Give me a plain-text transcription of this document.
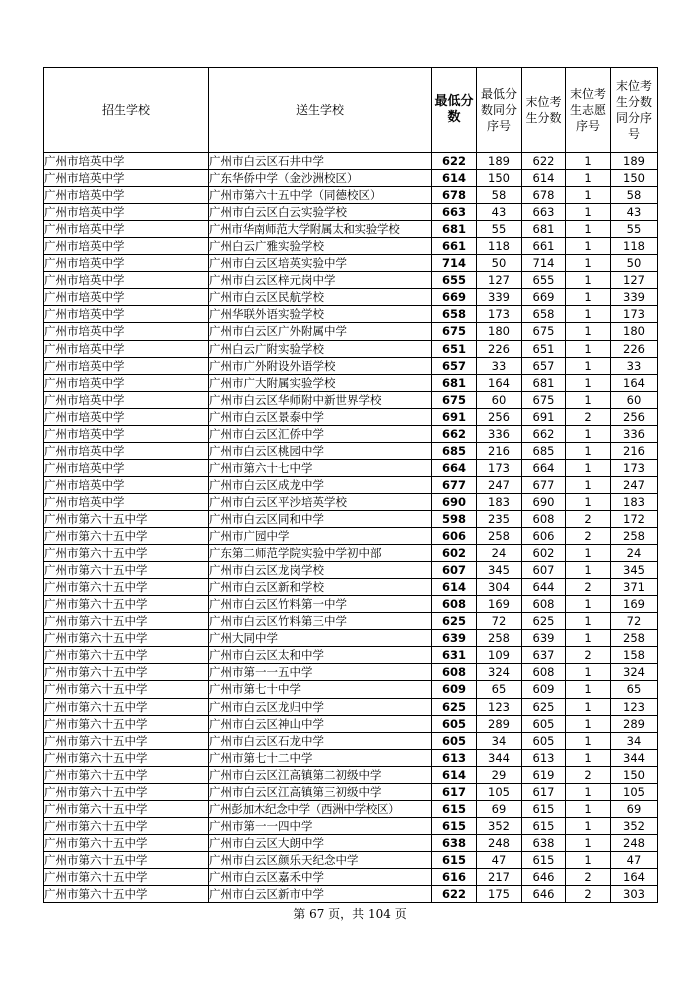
招生学校	送生学校	最低分数	最低分数同分序号	末位考生分数	末位考生志愿序号	末位考生分数同分序号
广州市培英中学	广州市白云区石井中学	622	189	622	1	189
广州市培英中学	广东华侨中学（金沙洲校区）	614	150	614	1	150
广州市培英中学	广州市第六十五中学（同德校区）	678	58	678	1	58
广州市培英中学	广州市白云区白云实验学校	663	43	663	1	43
广州市培英中学	广州市华南师范大学附属太和实验学校	681	55	681	1	55
广州市培英中学	广州白云广雅实验学校	661	118	661	1	118
广州市培英中学	广州市白云区培英实验中学	714	50	714	1	50
广州市培英中学	广州市白云区梓元岗中学	655	127	655	1	127
广州市培英中学	广州市白云区民航学校	669	339	669	1	339
广州市培英中学	广州华联外语实验学校	658	173	658	1	173
广州市培英中学	广州市白云区广外附属中学	675	180	675	1	180
广州市培英中学	广州白云广附实验学校	651	226	651	1	226
广州市培英中学	广州市广外附设外语学校	657	33	657	1	33
广州市培英中学	广州市广大附属实验学校	681	164	681	1	164
广州市培英中学	广州市白云区华师附中新世界学校	675	60	675	1	60
广州市培英中学	广州市白云区景泰中学	691	256	691	2	256
广州市培英中学	广州市白云区汇侨中学	662	336	662	1	336
广州市培英中学	广州市白云区桃园中学	685	216	685	1	216
广州市培英中学	广州市第六十七中学	664	173	664	1	173
广州市培英中学	广州市白云区成龙中学	677	247	677	1	247
广州市培英中学	广州市白云区平沙培英学校	690	183	690	1	183
广州市第六十五中学	广州市白云区同和中学	598	235	608	2	172
广州市第六十五中学	广州市广园中学	606	258	606	2	258
广州市第六十五中学	广东第二师范学院实验中学初中部	602	24	602	1	24
广州市第六十五中学	广州市白云区龙岗学校	607	345	607	1	345
广州市第六十五中学	广州市白云区新和学校	614	304	644	2	371
广州市第六十五中学	广州市白云区竹料第一中学	608	169	608	1	169
广州市第六十五中学	广州市白云区竹料第三中学	625	72	625	1	72
广州市第六十五中学	广州大同中学	639	258	639	1	258
广州市第六十五中学	广州市白云区太和中学	631	109	637	2	158
广州市第六十五中学	广州市第一一五中学	608	324	608	1	324
广州市第六十五中学	广州市第七十中学	609	65	609	1	65
广州市第六十五中学	广州市白云区龙归中学	625	123	625	1	123
广州市第六十五中学	广州市白云区神山中学	605	289	605	1	289
广州市第六十五中学	广州市白云区石龙中学	605	34	605	1	34
广州市第六十五中学	广州市第七十二中学	613	344	613	1	344
广州市第六十五中学	广州市白云区江高镇第二初级中学	614	29	619	2	150
广州市第六十五中学	广州市白云区江高镇第三初级中学	617	105	617	1	105
广州市第六十五中学	广州彭加木纪念中学（西洲中学校区）	615	69	615	1	69
广州市第六十五中学	广州市第一一四中学	615	352	615	1	352
广州市第六十五中学	广州市白云区大朗中学	638	248	638	1	248
广州市第六十五中学	广州市白云区颜乐天纪念中学	615	47	615	1	47
广州市第六十五中学	广州市白云区嘉禾中学	616	217	646	2	164
广州市第六十五中学	广州市白云区新市中学	622	175	646	2	303
第 67 页，共 104 页
